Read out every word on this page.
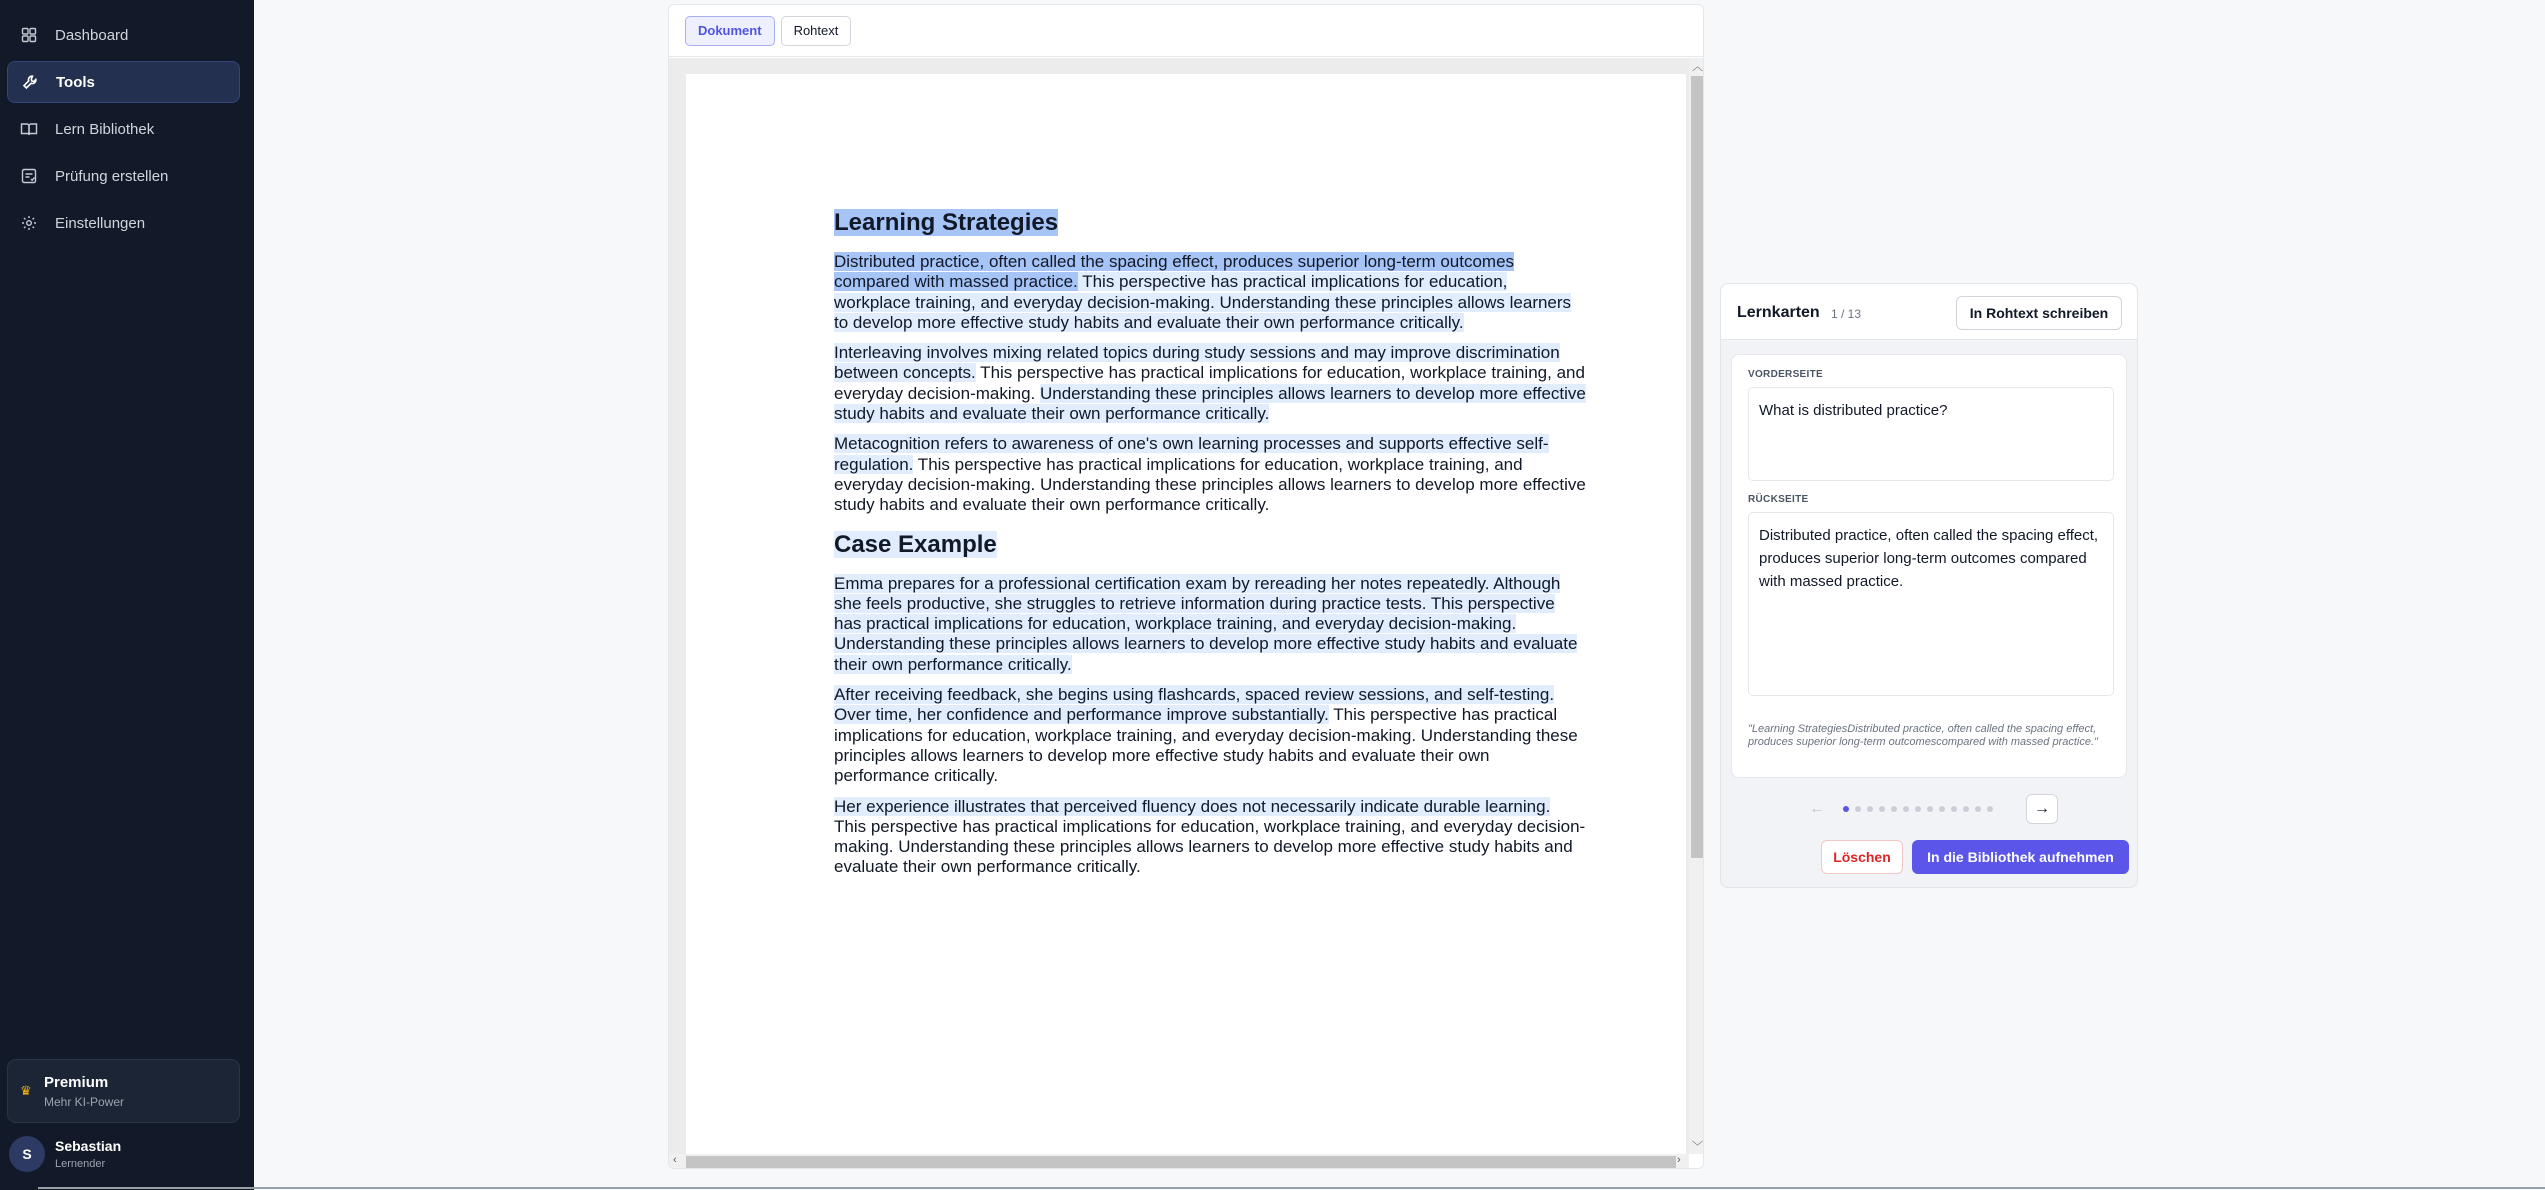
Dashboard
Tools
Lern Bibliothek
Prüfung erstellen
Einstellungen
♛ Premium
Mehr KI-Power
S	Sebastian
Lernender
Dokument	Rohtext
Learning Strategies

Distributed practice, often called the spacing effect, produces superior long-term outcomes compared with massed practice. This perspective has practical implications for education, workplace training, and everyday decision-making. Understanding these principles allows learners to develop more effective study habits and evaluate their own performance critically.

Interleaving involves mixing related topics during study sessions and may improve discrimination between concepts. This perspective has practical implications for education, workplace training, and everyday decision-making. Understanding these principles allows learners to develop more effective study habits and evaluate their own performance critically.

Metacognition refers to awareness of one's own learning processes and supports effective self-regulation. This perspective has practical implications for education, workplace training, and everyday decision-making. Understanding these principles allows learners to develop more effective study habits and evaluate their own performance critically.

Case Example

Emma prepares for a professional certification exam by rereading her notes repeatedly. Although she feels productive, she struggles to retrieve information during practice tests. This perspective has practical implications for education, workplace training, and everyday decision-making. Understanding these principles allows learners to develop more effective study habits and evaluate their own performance critically.

After receiving feedback, she begins using flashcards, spaced review sessions, and self-testing. Over time, her confidence and performance improve substantially. This perspective has practical implications for education, workplace training, and everyday decision-making. Understanding these principles allows learners to develop more effective study habits and evaluate their own performance critically.

Her experience illustrates that perceived fluency does not necessarily indicate durable learning. This perspective has practical implications for education, workplace training, and everyday decision-making. Understanding these principles allows learners to develop more effective study habits and evaluate their own performance critically.

︿
﹀
‹	›
Lernkarten 1 / 13	In Rohtext schreiben
VORDERSEITE
What is distributed practice?
RÜCKSEITE
Distributed practice, often called the spacing effect, produces superior long-term outcomes compared with massed practice.
"Learning StrategiesDistributed practice, often called the spacing effect, produces superior long-term outcomescompared with massed practice."
←	→
Löschen	In die Bibliothek aufnehmen
